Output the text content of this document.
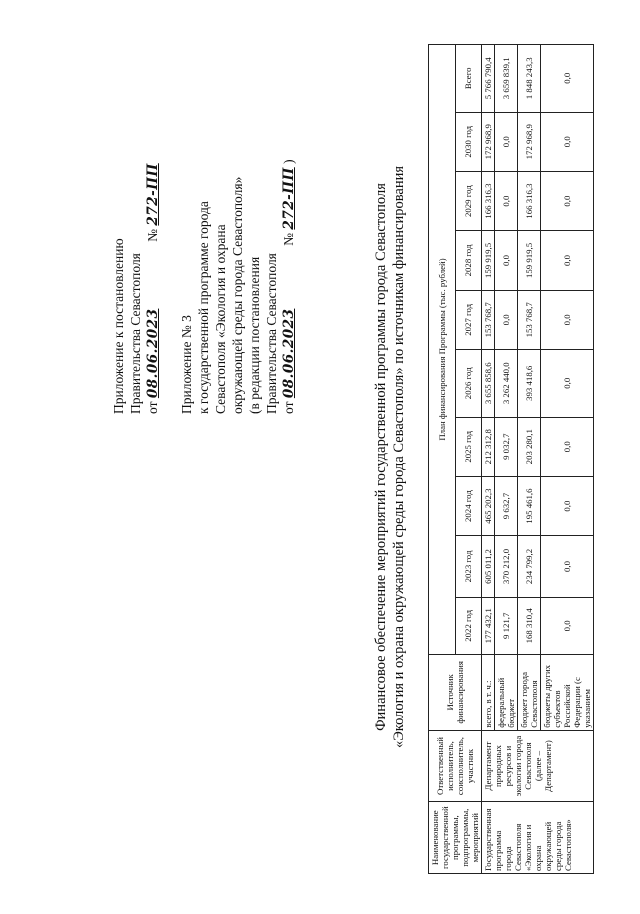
Приложение к постановлению Правительства Севастополя от 08.06.2023  № 272-ПП
Приложение № 3 к государственной программе города Севастополя «Экология и охрана окружающей среды города Севастополя» (в редакции постановления Правительства Севастополя от 08.06.2023  № 272-ПП )
Финансовое обеспечение мероприятий государственной программы города Севастополя «Экология и охрана окружающей среды города Севастополя» по источникам финансирования
Наименование государственной программы, подпрограммы, мероприятий	Ответственный исполнитель, соисполнитель, участник	Источник финансирования	План финансирования Программы (тыс. рублей)									
			2022 год	2023 год	2024 год	2025 год	2026 год	2027 год	2028 год	2029 год	2030 год	Всего
Государственная программа города Севастополя «Экология и охрана окружающей среды города Севастополя»	Департамент природных ресурсов и экологии города Севастополя (далее – Департамент)	всего, в т. ч.:	177 432,1	605 011,2	465 202,3	212 312,8	3 655 858,6	153 768,7	159 919,5	166 316,3	172 968,9	5 766 790,4
		федеральный бюджет	9 121,7	370 212,0	9 632,7	9 032,7	3 262 440,0	0,0	0,0	0,0	0,0	3 659 839,1
		бюджет города Севастополя	168 310,4	234 799,2	195 461,6	203 280,1	393 418,6	153 768,7	159 919,5	166 316,3	172 968,9	1 848 243,3
		бюджеты других субъектов Российской Федерации (с указанием	0,0	0,0	0,0	0,0	0,0	0,0	0,0	0,0	0,0	0,0
